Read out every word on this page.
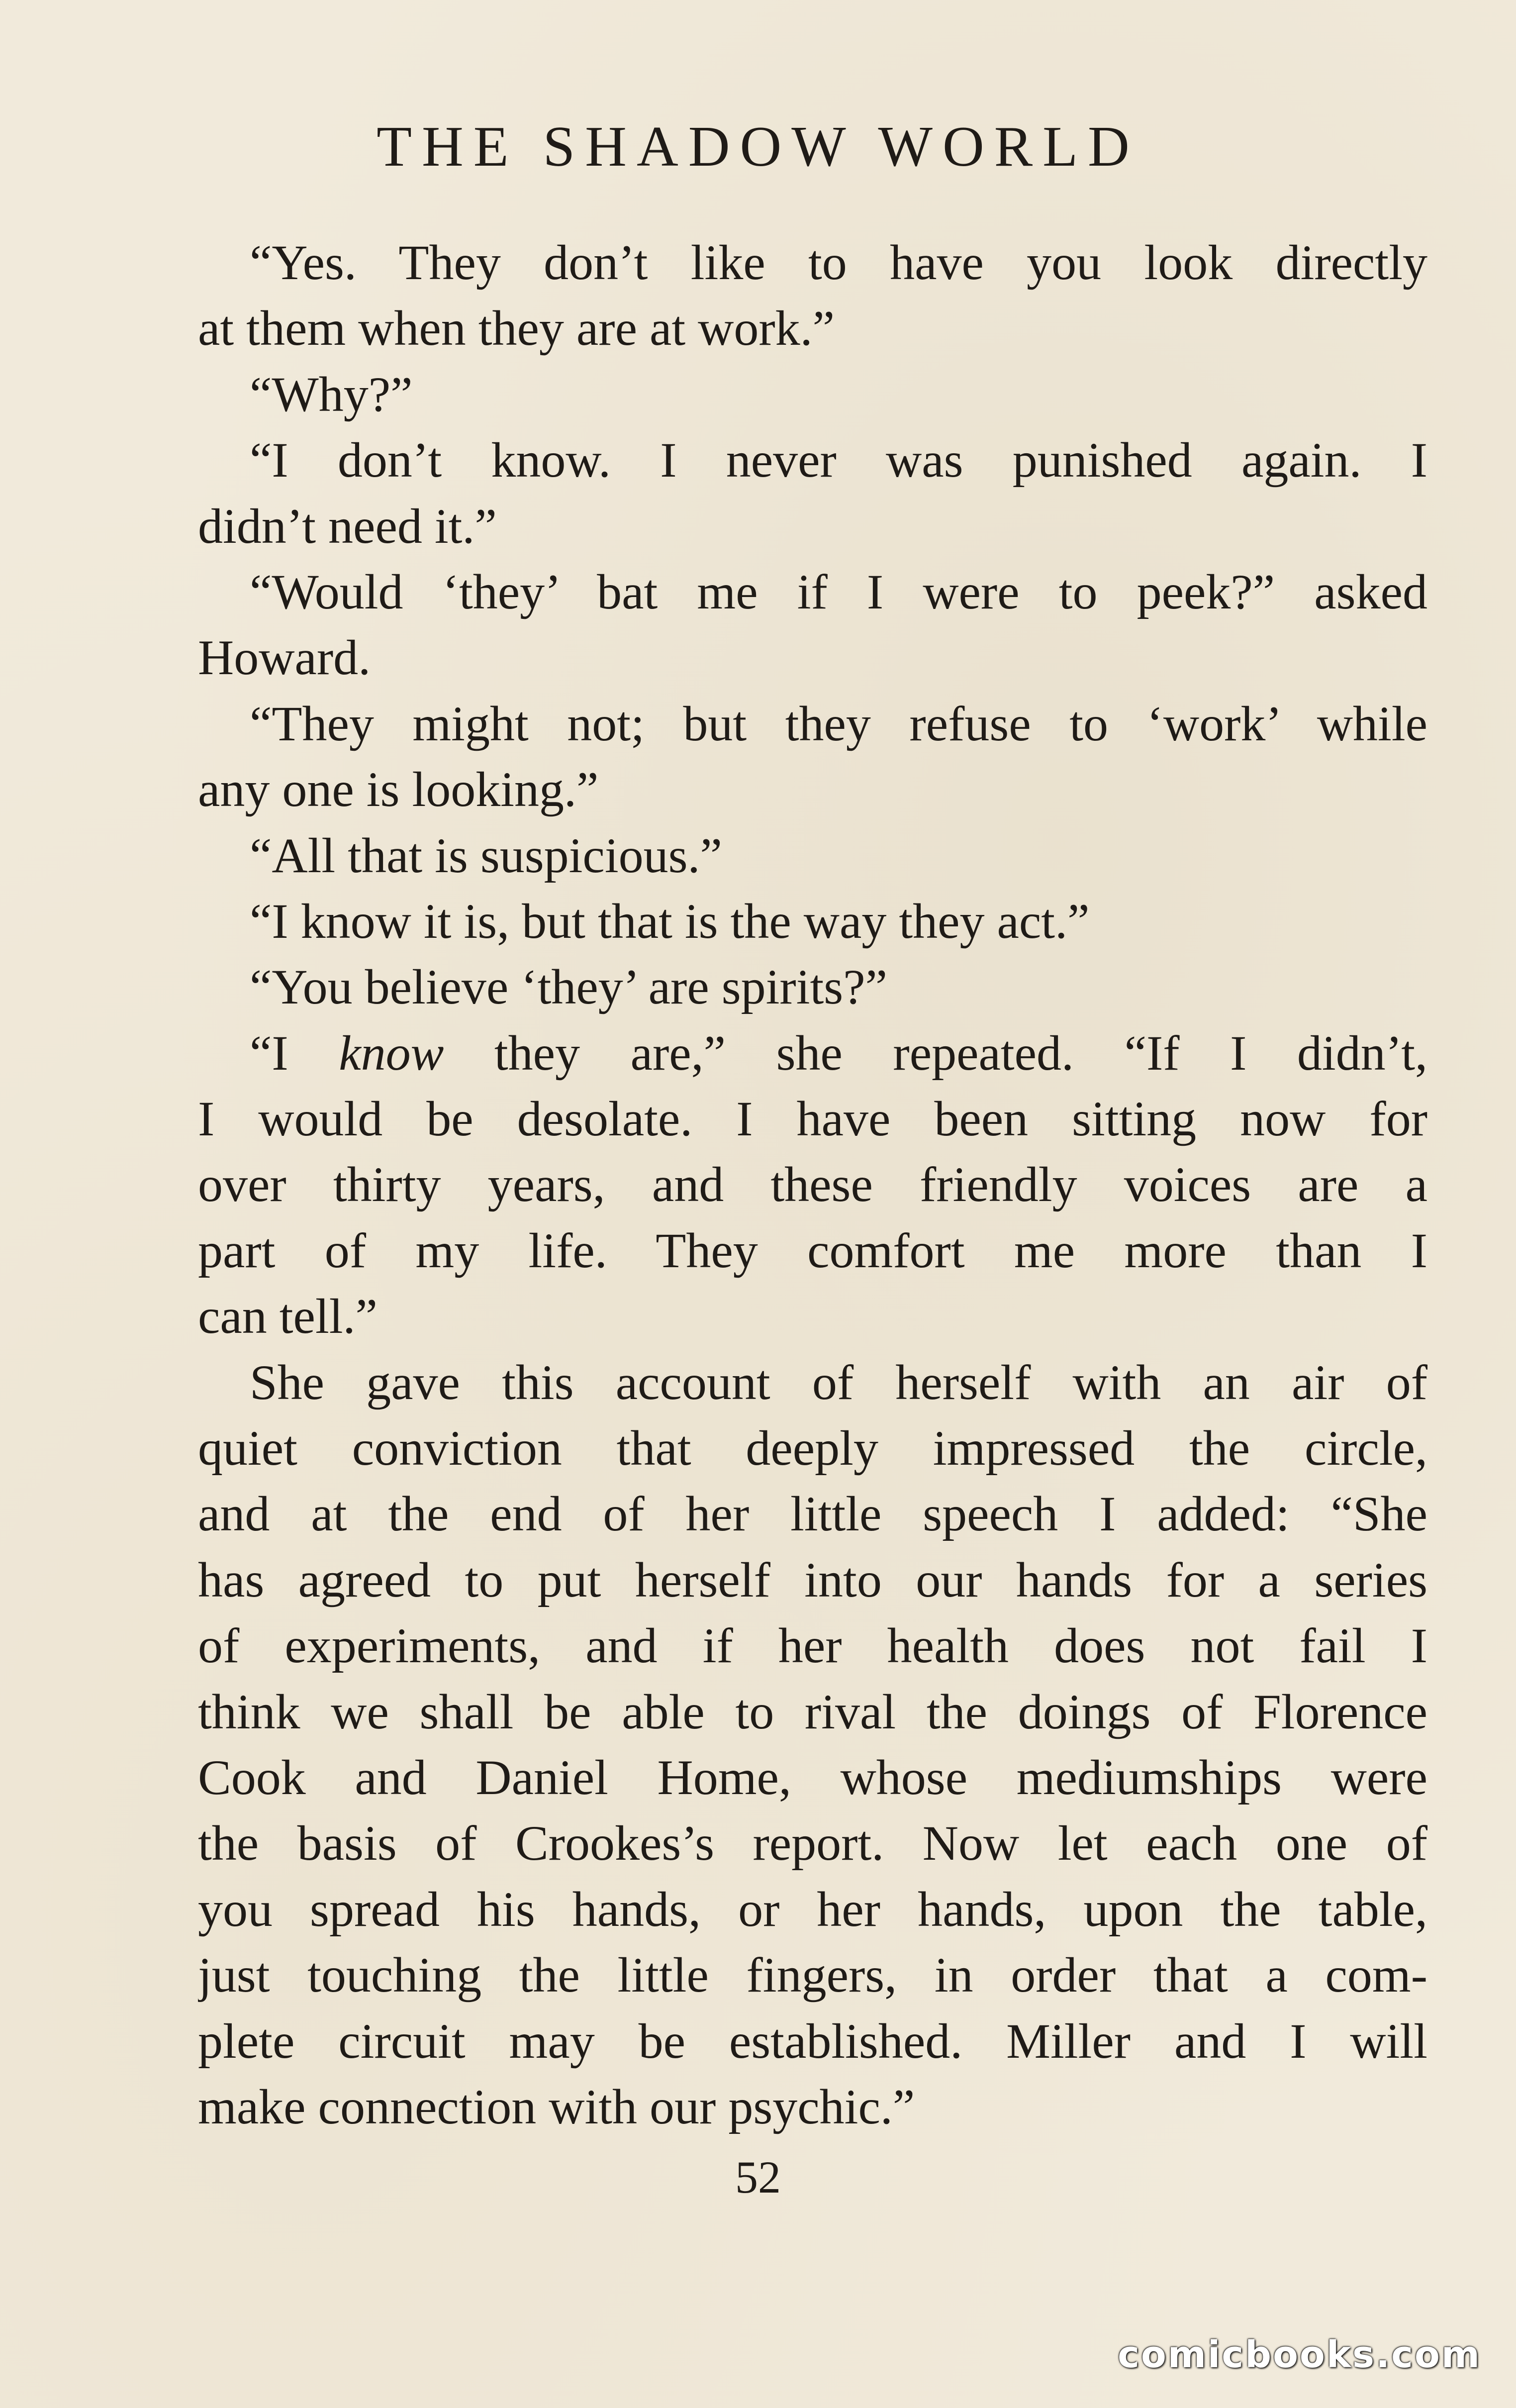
THE SHADOW WORLD
“Yes. They don’t like to have you look directly
at them when they are at work.”
“Why?”
“I don’t know. I never was punished again. I
didn’t need it.”
“Would ‘they’ bat me if I were to peek?” asked
Howard.
“They might not; but they refuse to ‘work’ while
any one is looking.”
“All that is suspicious.”
“I know it is, but that is the way they act.”
“You believe ‘they’ are spirits?”
“I know they are,” she repeated. “If I didn’t,
I would be desolate. I have been sitting now for
over thirty years, and these friendly voices are a
part of my life. They comfort me more than I
can tell.”
She gave this account of herself with an air of
quiet conviction that deeply impressed the circle,
and at the end of her little speech I added: “She
has agreed to put herself into our hands for a series
of experiments, and if her health does not fail I
think we shall be able to rival the doings of Florence
Cook and Daniel Home, whose mediumships were
the basis of Crookes’s report. Now let each one of
you spread his hands, or her hands, upon the table,
just touching the little fingers, in order that a com-
plete circuit may be established. Miller and I will
make connection with our psychic.”
52
comicbooks.com
